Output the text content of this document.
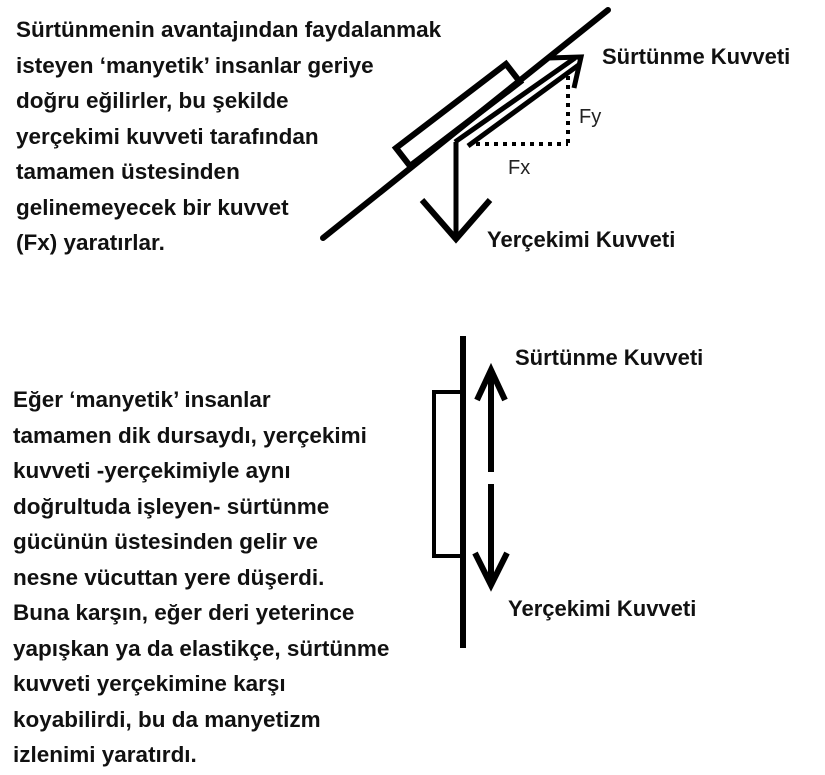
Sürtünmenin avantajından faydalanmak
isteyen ‘manyetik’ insanlar geriye
doğru eğilirler, bu şekilde
yerçekimi kuvveti tarafından
tamamen üstesinden
gelinemeyecek bir kuvvet
(Fx) yaratırlar.
Sürtünme Kuvveti
Yerçekimi Kuvveti
Fy
Fx
Eğer ‘manyetik’ insanlar
tamamen dik dursaydı, yerçekimi
kuvveti -yerçekimiyle aynı
doğrultuda işleyen- sürtünme
gücünün üstesinden gelir ve
nesne vücuttan yere düşerdi.
Buna karşın, eğer deri yeterince
yapışkan ya da elastikçe, sürtünme
kuvveti yerçekimine karşı
koyabilirdi, bu da manyetizm
izlenimi yaratırdı.
Sürtünme Kuvveti
Yerçekimi Kuvveti
